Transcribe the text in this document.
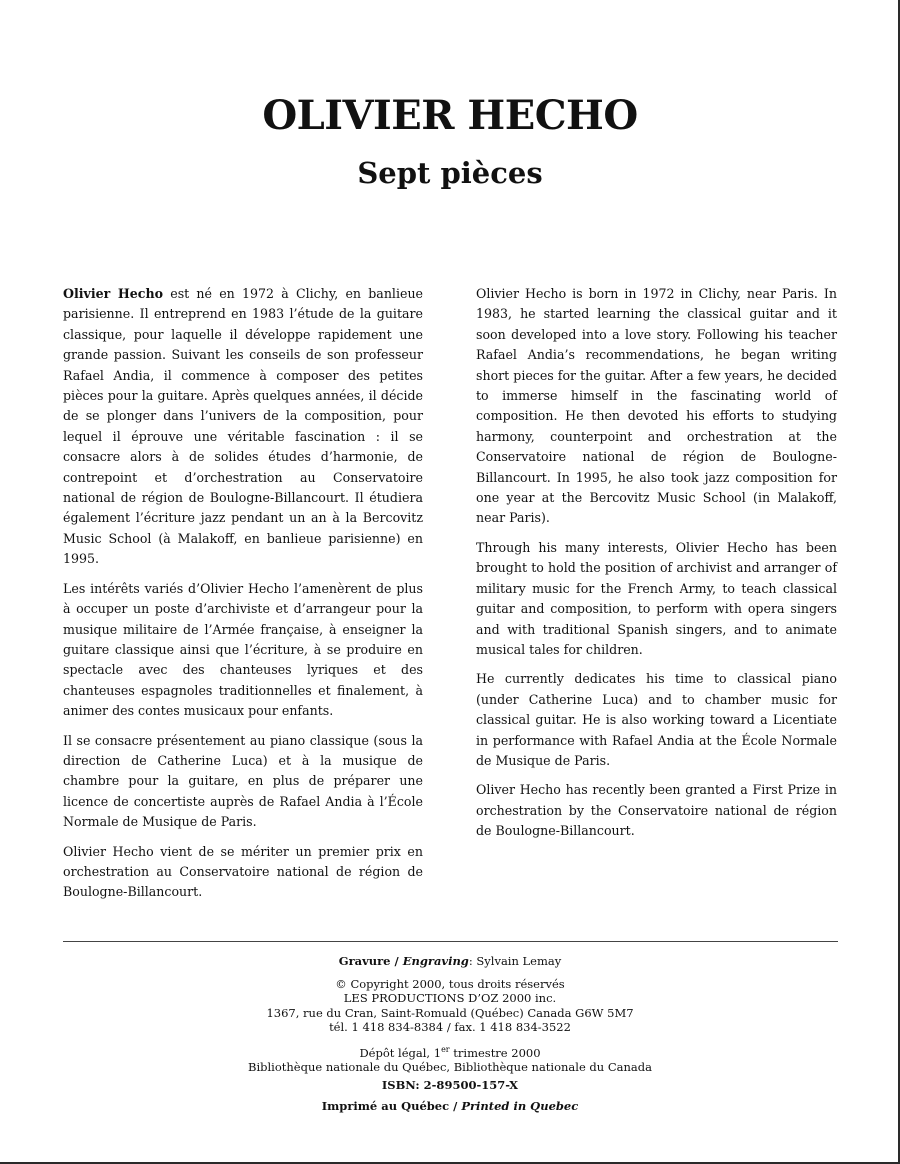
OLIVIER HECHO
Sept pièces

Olivier Hecho est né en 1972 à Clichy, en banlieue parisienne. Il entreprend en 1983 l’étude de la guitare classique, pour laquelle il développe rapidement une grande passion. Suivant les conseils de son professeur Rafael Andia, il commence à composer des petites pièces pour la guitare. Après quelques années, il décide de se plonger dans l’univers de la composition, pour lequel il éprouve une véritable fascination : il se consacre alors à de solides études d’harmonie, de contrepoint et d’orchestration au Conservatoire national de région de Boulogne-Billancourt. Il étudiera également l’écriture jazz pendant un an à la Bercovitz Music School (à Malakoff, en banlieue parisienne) en 1995.

Les intérêts variés d’Olivier Hecho l’amenèrent de plus à occuper un poste d’archiviste et d’arrangeur pour la musique militaire de l’Armée française, à enseigner la guitare classique ainsi que l’écriture, à se produire en spectacle avec des chanteuses lyriques et des chanteuses espagnoles traditionnelles et finalement, à animer des contes musicaux pour enfants.

Il se consacre présentement au piano classique (sous la direction de Catherine Luca) et à la musique de chambre pour la guitare, en plus de préparer une licence de concertiste auprès de Rafael Andia à l’École Normale de Musique de Paris.

Olivier Hecho vient de se mériter un premier prix en orchestration au Conservatoire national de région de Boulogne-Billancourt.

Olivier Hecho is born in 1972 in Clichy, near Paris. In 1983, he started learning the classical guitar and it soon developed into a love story. Following his teacher Rafael Andia’s recommendations, he began writing short pieces for the guitar. After a few years, he decided to immerse himself in the fascinating world of composition. He then devoted his efforts to studying harmony, counterpoint and orchestration at the Conservatoire national de région de Boulogne-Billancourt. In 1995, he also took jazz composition for one year at the Bercovitz Music School (in Malakoff, near Paris).

Through his many interests, Olivier Hecho has been brought to hold the position of archivist and arranger of military music for the French Army, to teach classical guitar and composition, to perform with opera singers and with traditional Spanish singers, and to animate musical tales for children.

He currently dedicates his time to classical piano (under Catherine Luca) and to chamber music for classical guitar. He is also working toward a Licentiate in performance with Rafael Andia at the École Normale de Musique de Paris.

Oliver Hecho has recently been granted a First Prize in orchestration by the Conservatoire national de région de Boulogne-Billancourt.

Gravure / Engraving: Sylvain Lemay
© Copyright 2000, tous droits réservés
LES PRODUCTIONS D’OZ 2000 inc.
1367, rue du Cran, Saint-Romuald (Québec) Canada G6W 5M7
tél. 1 418 834-8384 / fax. 1 418 834-3522
Dépôt légal, 1er trimestre 2000
Bibliothèque nationale du Québec, Bibliothèque nationale du Canada
ISBN: 2-89500-157-X
Imprimé au Québec / Printed in Quebec
